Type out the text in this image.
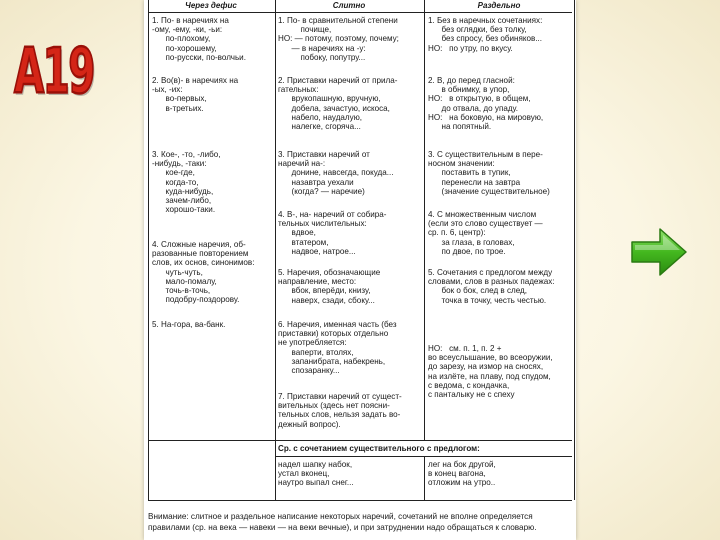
А19
Через дефис	Слитно	Раздельно
1. По- в наречиях на
-ому, -ему, -ки, -ьи:
по-плохому,
по-хорошему,
по-русски, по-волчьи.
2. Во(в)- в наречиях на
-ых, -их:
во-первых,
в-третьих.
3. Кое-, -то, -либо,
-нибудь, -таки:
кое-где,
когда-то,
куда-нибудь,
зачем-либо,
хорошо-таки.
4. Сложные наречия, об-
разованные повторением
слов, их основ, синонимов:
чуть-чуть,
мало-помалу,
точь-в-точь,
подобру-поздорову.
5. На-гора, ва-банк.
1. По- в сравнительной степени
почище,
НО: — потому, поэтому, почему;
— в наречиях на -у:
побоку, попутру...
2. Приставки наречий от прила-
гательных:
врукопашную, вручную,
добела, зачастую, искоса,
набело, наудалую,
налегке, сгоряча...
3. Приставки наречий от
наречий на-:
донине, навсегда, покуда...
назавтра уехали
(когда? — наречие)
4. В-, на- наречий от собира-
тельных числительных:
вдвое,
втатером,
надвое, натрое...
5. Наречия, обозначающие
направление, место:
вбок, вперёди, книзу,
наверх, сзади, сбоку...
6. Наречия, именная часть (без
приставки) которых отдельно
не употребляется:
ваперти, втолях,
запанибрата, набекрень,
спозаранку...
7. Приставки наречий от сущест-
вительных (здесь нет поясни-
тельных слов, нельзя задать во-
дежный вопрос).
1. Без в наречных сочетаниях:
без оглядки, без толку,
без спросу, без обиняков...
НО:   по утру, по вкусу.
2. В, до перед гласной:
в обнимку, в упор,
НО:   в открытую, в общем,
до отвала, до упаду.
НО:   на боковую, на мировую,
на попятный.
3. С существительным в пере-
носном значении:
поставить в тупик,
перенесли на завтра
(значение существительное)
4. С множественным числом
(если это слово существует —
ср. п. 6, центр):
за глаза, в головах,
по двое, по трое.
5. Сочетания с предлогом между
словами, слов в разных падежах:
бок о бок, след в след,
точка в точку, честь честью.
НО:   см. п. 1, п. 2 +
во всеуслышание, во всеоружии,
до зарезу, на измор на сносях,
на излёте, на плаву, под спудом,
с ведома, с кондачка,
с панталыку не с спеху
Ср. с сочетанием существительного с предлогом:
надел шапку набок,
устал вконец,
наутро выпал снег...
лег на бок другой,
в конец вагона,
отложим на утро..
Внимание: слитное и раздельное написание некоторых наречий, сочетаний не вполне определяется
правилами (ср. на века — навеки — на веки вечные), и при затруднении надо обращаться к словарю.
